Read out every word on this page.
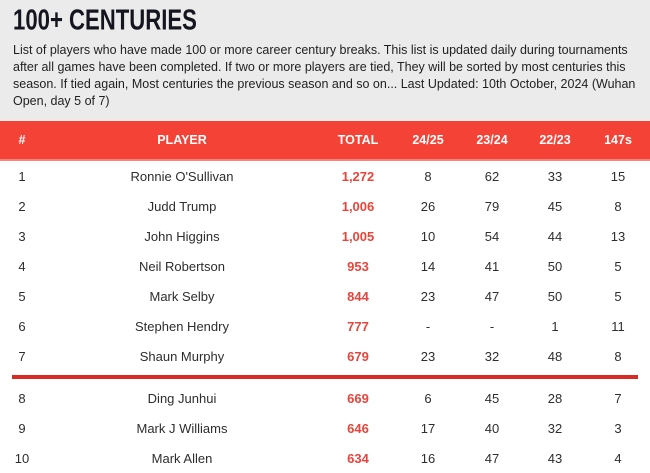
100+ CENTURIES
List of players who have made 100 or more career century breaks. This list is updated daily during tournaments after all games have been completed. If two or more players are tied, They will be sorted by most centuries this season. If tied again, Most centuries the previous season and so on... Last Updated: 10th October, 2024 (Wuhan Open, day 5 of 7)
#	PLAYER	TOTAL	24/25	23/24	22/23	147s
1	Ronnie O'Sullivan	1,272	8	62	33	15
2	Judd Trump	1,006	26	79	45	8
3	John Higgins	1,005	10	54	44	13
4	Neil Robertson	953	14	41	50	5
5	Mark Selby	844	23	47	50	5
6	Stephen Hendry	777	-	-	1	11
7	Shaun Murphy	679	23	32	48	8

8	Ding Junhui	669	6	45	28	7
9	Mark J Williams	646	17	40	32	3
10	Mark Allen	634	16	47	43	4
